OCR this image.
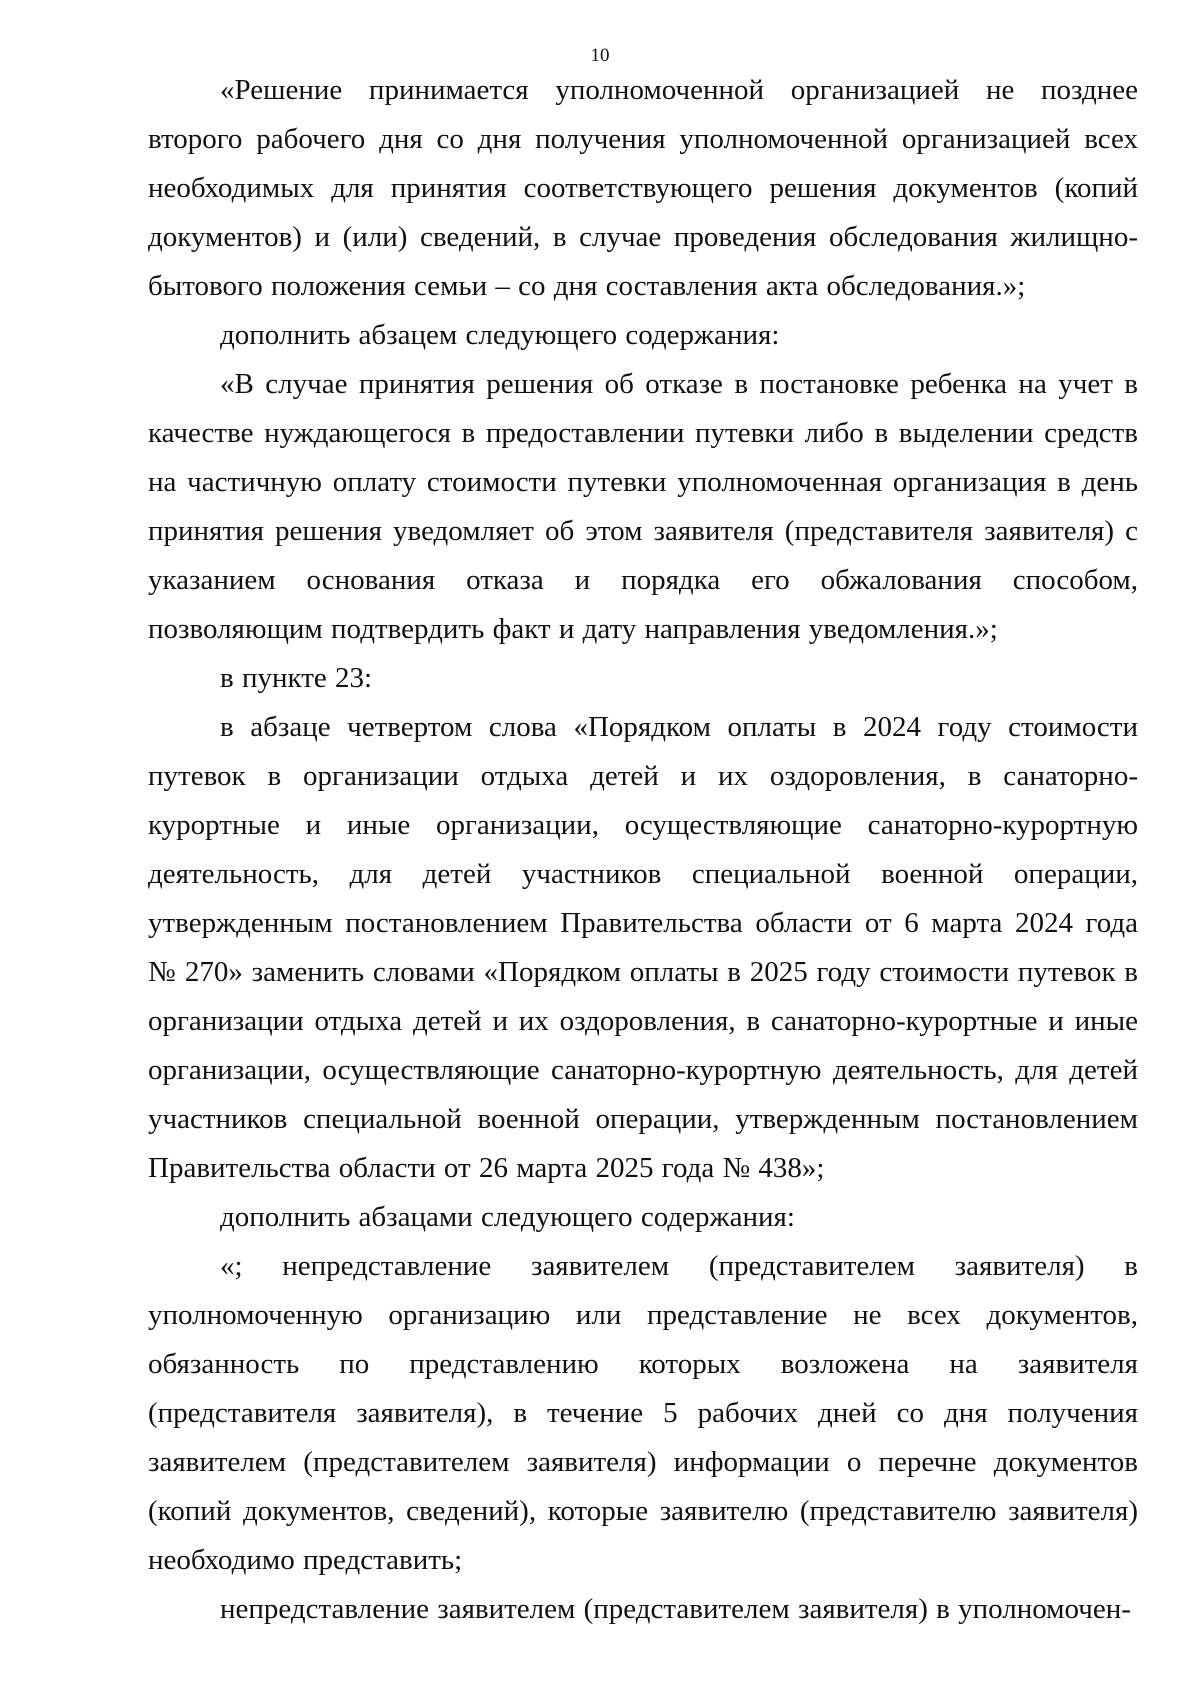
10

«Решение принимается уполномоченной организацией не позднее второго рабочего дня со дня получения уполномоченной организацией всех необходимых для принятия соответствующего решения документов (копий документов) и (или) сведений, в случае проведения обследования жилищно-бытового положения семьи – со дня составления акта обследования.»;

дополнить абзацем следующего содержания:

«В случае принятия решения об отказе в постановке ребенка на учет в качестве нуждающегося в предоставлении путевки либо в выделении средств на частичную оплату стоимости путевки уполномоченная организация в день принятия решения уведомляет об этом заявителя (представителя заявителя) с указанием основания отказа и порядка его обжалования способом, позволяющим подтвердить факт и дату направления уведомления.»;

в пункте 23:

в абзаце четвертом слова «Порядком оплаты в 2024 году стоимости путевок в организации отдыха детей и их оздоровления, в санаторно-курортные и иные организации, осуществляющие санаторно-курортную деятельность, для детей участников специальной военной операции, утвержденным постановлением Правительства области от 6 марта 2024 года № 270» заменить словами «Порядком оплаты в 2025 году стоимости путевок в организации отдыха детей и их оздоровления, в санаторно-курортные и иные организации, осуществляющие санаторно-курортную деятельность, для детей участников специальной военной операции, утвержденным постановлением Правительства области от 26 марта 2025 года № 438»;

дополнить абзацами следующего содержания:

«; непредставление заявителем (представителем заявителя) в уполномоченную организацию или представление не всех документов, обязанность по представлению которых возложена на заявителя (представителя заявителя), в течение 5 рабочих дней со дня получения заявителем (представителем заявителя) информации о перечне документов (копий документов, сведений), которые заявителю (представителю заявителя) необходимо представить;

непредставление заявителем (представителем заявителя) в уполномочен-
